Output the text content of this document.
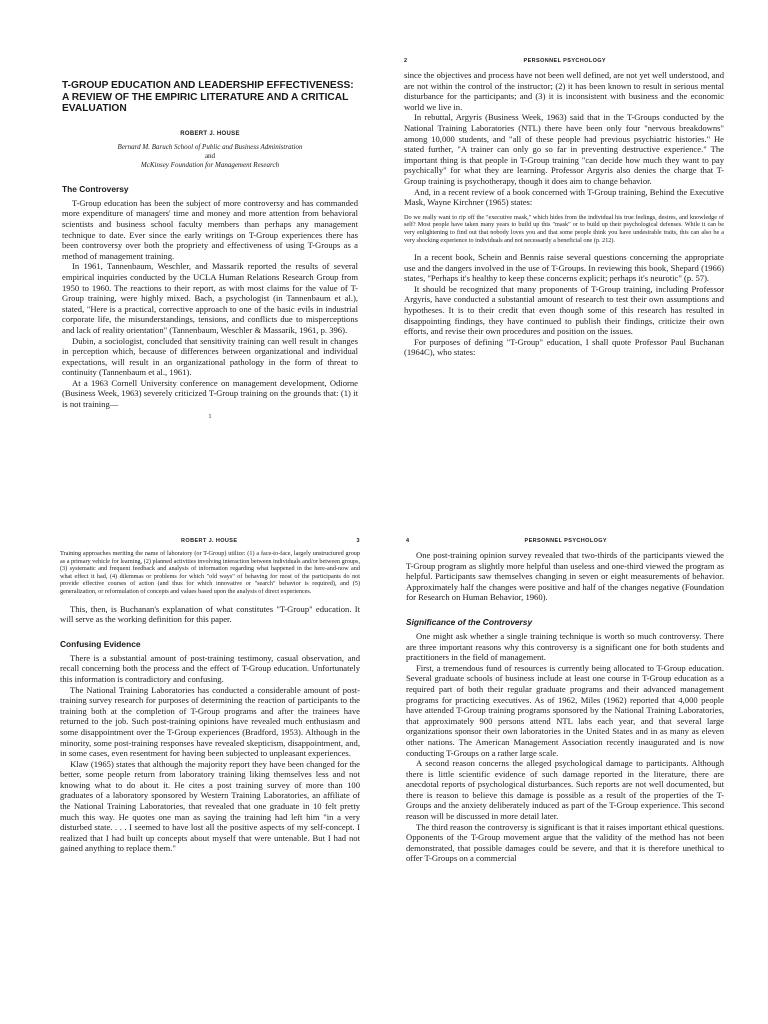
T-GROUP EDUCATION AND LEADERSHIP EFFECTIVENESS: A REVIEW OF THE EMPIRIC LITERATURE AND A CRITICAL EVALUATION
ROBERT J. HOUSE
Bernard M. Baruch School of Public and Business Administration
and
McKinsey Foundation for Management Research
The Controversy

T-Group education has been the subject of more controversy and has commanded more expenditure of managers' time and money and more attention from behavioral scientists and business school faculty members than perhaps any management technique to date. Ever since the early writings on T-Group experiences there has been controversy over both the propriety and effectiveness of using T-Groups as a method of management training.

In 1961, Tannenbaum, Weschler, and Massarik reported the results of several empirical inquiries conducted by the UCLA Human Relations Research Group from 1950 to 1960. The reactions to their report, as with most claims for the value of T-Group training, were highly mixed. Bach, a psychologist (in Tannenbaum et al.), stated, "Here is a practical, corrective approach to one of the basic evils in industrial corporate life, the misunderstandings, tensions, and conflicts due to misperceptions and lack of reality orientation" (Tannenbaum, Weschler & Massarik, 1961, p. 396).

Dubin, a sociologist, concluded that sensitivity training can well result in changes in perception which, because of differences between organizational and individual expectations, will result in an organizational pathology in the form of threat to continuity (Tannenbaum et al., 1961).

At a 1963 Cornell University conference on management development, Odiorne (Business Week, 1963) severely criticized T-Group training on the grounds that: (1) it is not training—

1
2	PERSONNEL PSYCHOLOGY

since the objectives and process have not been well defined, are not yet well understood, and are not within the control of the instructor; (2) it has been known to result in serious mental disturbance for the participants; and (3) it is inconsistent with business and the economic world we live in.

In rebuttal, Argyris (Business Week, 1963) said that in the T-Groups conducted by the National Training Laboratories (NTL) there have been only four "nervous breakdowns" among 10,000 students, and "all of these people had previous psychiatric histories." He stated further, "A trainer can only go so far in preventing destructive experience." The important thing is that people in T-Group training "can decide how much they want to pay psychically" for what they are learning. Professor Argyris also denies the charge that T-Group training is psychotherapy, though it does aim to change behavior.

And, in a recent review of a book concerned with T-Group training, Behind the Executive Mask, Wayne Kirchner (1965) states:

Do we really want to rip off the "executive mask," which hides from the individual his true feelings, desires, and knowledge of self? Most people have taken many years to build up this "mask" or to build up their psychological defenses. While it can be very enlightening to find out that nobody loves you and that some people think you have undesirable traits, this can also be a very shocking experience to individuals and not necessarily a beneficial one (p. 212).

In a recent book, Schein and Bennis raise several questions concerning the appropriate use and the dangers involved in the use of T-Groups. In reviewing this book, Shepard (1966) states, "Perhaps it's healthy to keep these concerns explicit; perhaps it's neurotic" (p. 57).

It should be recognized that many proponents of T-Group training, including Professor Argyris, have conducted a substantial amount of research to test their own assumptions and hypotheses. It is to their credit that even though some of this research has resulted in disappointing findings, they have continued to publish their findings, criticize their own efforts, and revise their own procedures and position on the issues.

For purposes of defining "T-Group" education, I shall quote Professor Paul Buchanan (1964C), who states:

ROBERT J. HOUSE	3
Training approaches meriting the name of laboratory (or T-Group) utilize: (1) a face-to-face, largely unstructured group as a primary vehicle for learning, (2) planned activities involving interaction between individuals and/or between groups, (3) systematic and frequent feedback and analysis of information regarding what happened in the here-and-now and what effect it had, (4) dilemmas or problems for which "old ways" of behaving for most of the participants do not provide effective courses of action (and thus for which innovative or "search" behavior is required), and (5) generalization, or reformulation of concepts and values based upon the analysis of direct experiences.

This, then, is Buchanan's explanation of what constitutes "T-Group" education. It will serve as the working definition for this paper.

Confusing Evidence

There is a substantial amount of post-training testimony, casual observation, and recall concerning both the process and the effect of T-Group education. Unfortunately this information is contradictory and confusing.

The National Training Laboratories has conducted a considerable amount of post-training survey research for purposes of determining the reaction of participants to the training both at the completion of T-Group programs and after the trainees have returned to the job. Such post-training opinions have revealed much enthusiasm and some disappointment over the T-Group experiences (Bradford, 1953). Although in the minority, some post-training responses have revealed skepticism, disappointment, and, in some cases, even resentment for having been subjected to unpleasant experiences.

Klaw (1965) states that although the majority report they have been changed for the better, some people return from laboratory training liking themselves less and not knowing what to do about it. He cites a post training survey of more than 100 graduates of a laboratory sponsored by Western Training Laboratories, an affiliate of the National Training Laboratories, that revealed that one graduate in 10 felt pretty much this way. He quotes one man as saying the training had left him "in a very disturbed state. . . . I seemed to have lost all the positive aspects of my self-concept. I realized that I had built up concepts about myself that were untenable. But I had not gained anything to replace them."

4	PERSONNEL PSYCHOLOGY

One post-training opinion survey revealed that two-thirds of the participants viewed the T-Group program as slightly more helpful than useless and one-third viewed the program as helpful. Participants saw themselves changing in seven or eight measurements of behavior. Approximately half the changes were positive and half of the changes negative (Foundation for Research on Human Behavior, 1960).

Significance of the Controversy

One might ask whether a single training technique is worth so much controversy. There are three important reasons why this controversy is a significant one for both students and practitioners in the field of management.

First, a tremendous fund of resources is currently being allocated to T-Group education. Several graduate schools of business include at least one course in T-Group education as a required part of both their regular graduate programs and their advanced management programs for practicing executives. As of 1962, Miles (1962) reported that 4,000 people have attended T-Group training programs sponsored by the National Training Laboratories, that approximately 900 persons attend NTL labs each year, and that several large organizations sponsor their own laboratories in the United States and in as many as eleven other nations. The American Management Association recently inaugurated and is now conducting T-Groups on a rather large scale.

A second reason concerns the alleged psychological damage to participants. Although there is little scientific evidence of such damage reported in the literature, there are anecdotal reports of psychological disturbances. Such reports are not well documented, but there is reason to believe this damage is possible as a result of the properties of the T-Groups and the anxiety deliberately induced as part of the T-Group experience. This second reason will be discussed in more detail later.

The third reason the controversy is significant is that it raises important ethical questions. Opponents of the T-Group movement argue that the validity of the method has not been demonstrated, that possible damages could be severe, and that it is therefore unethical to offer T-Groups on a commercial
